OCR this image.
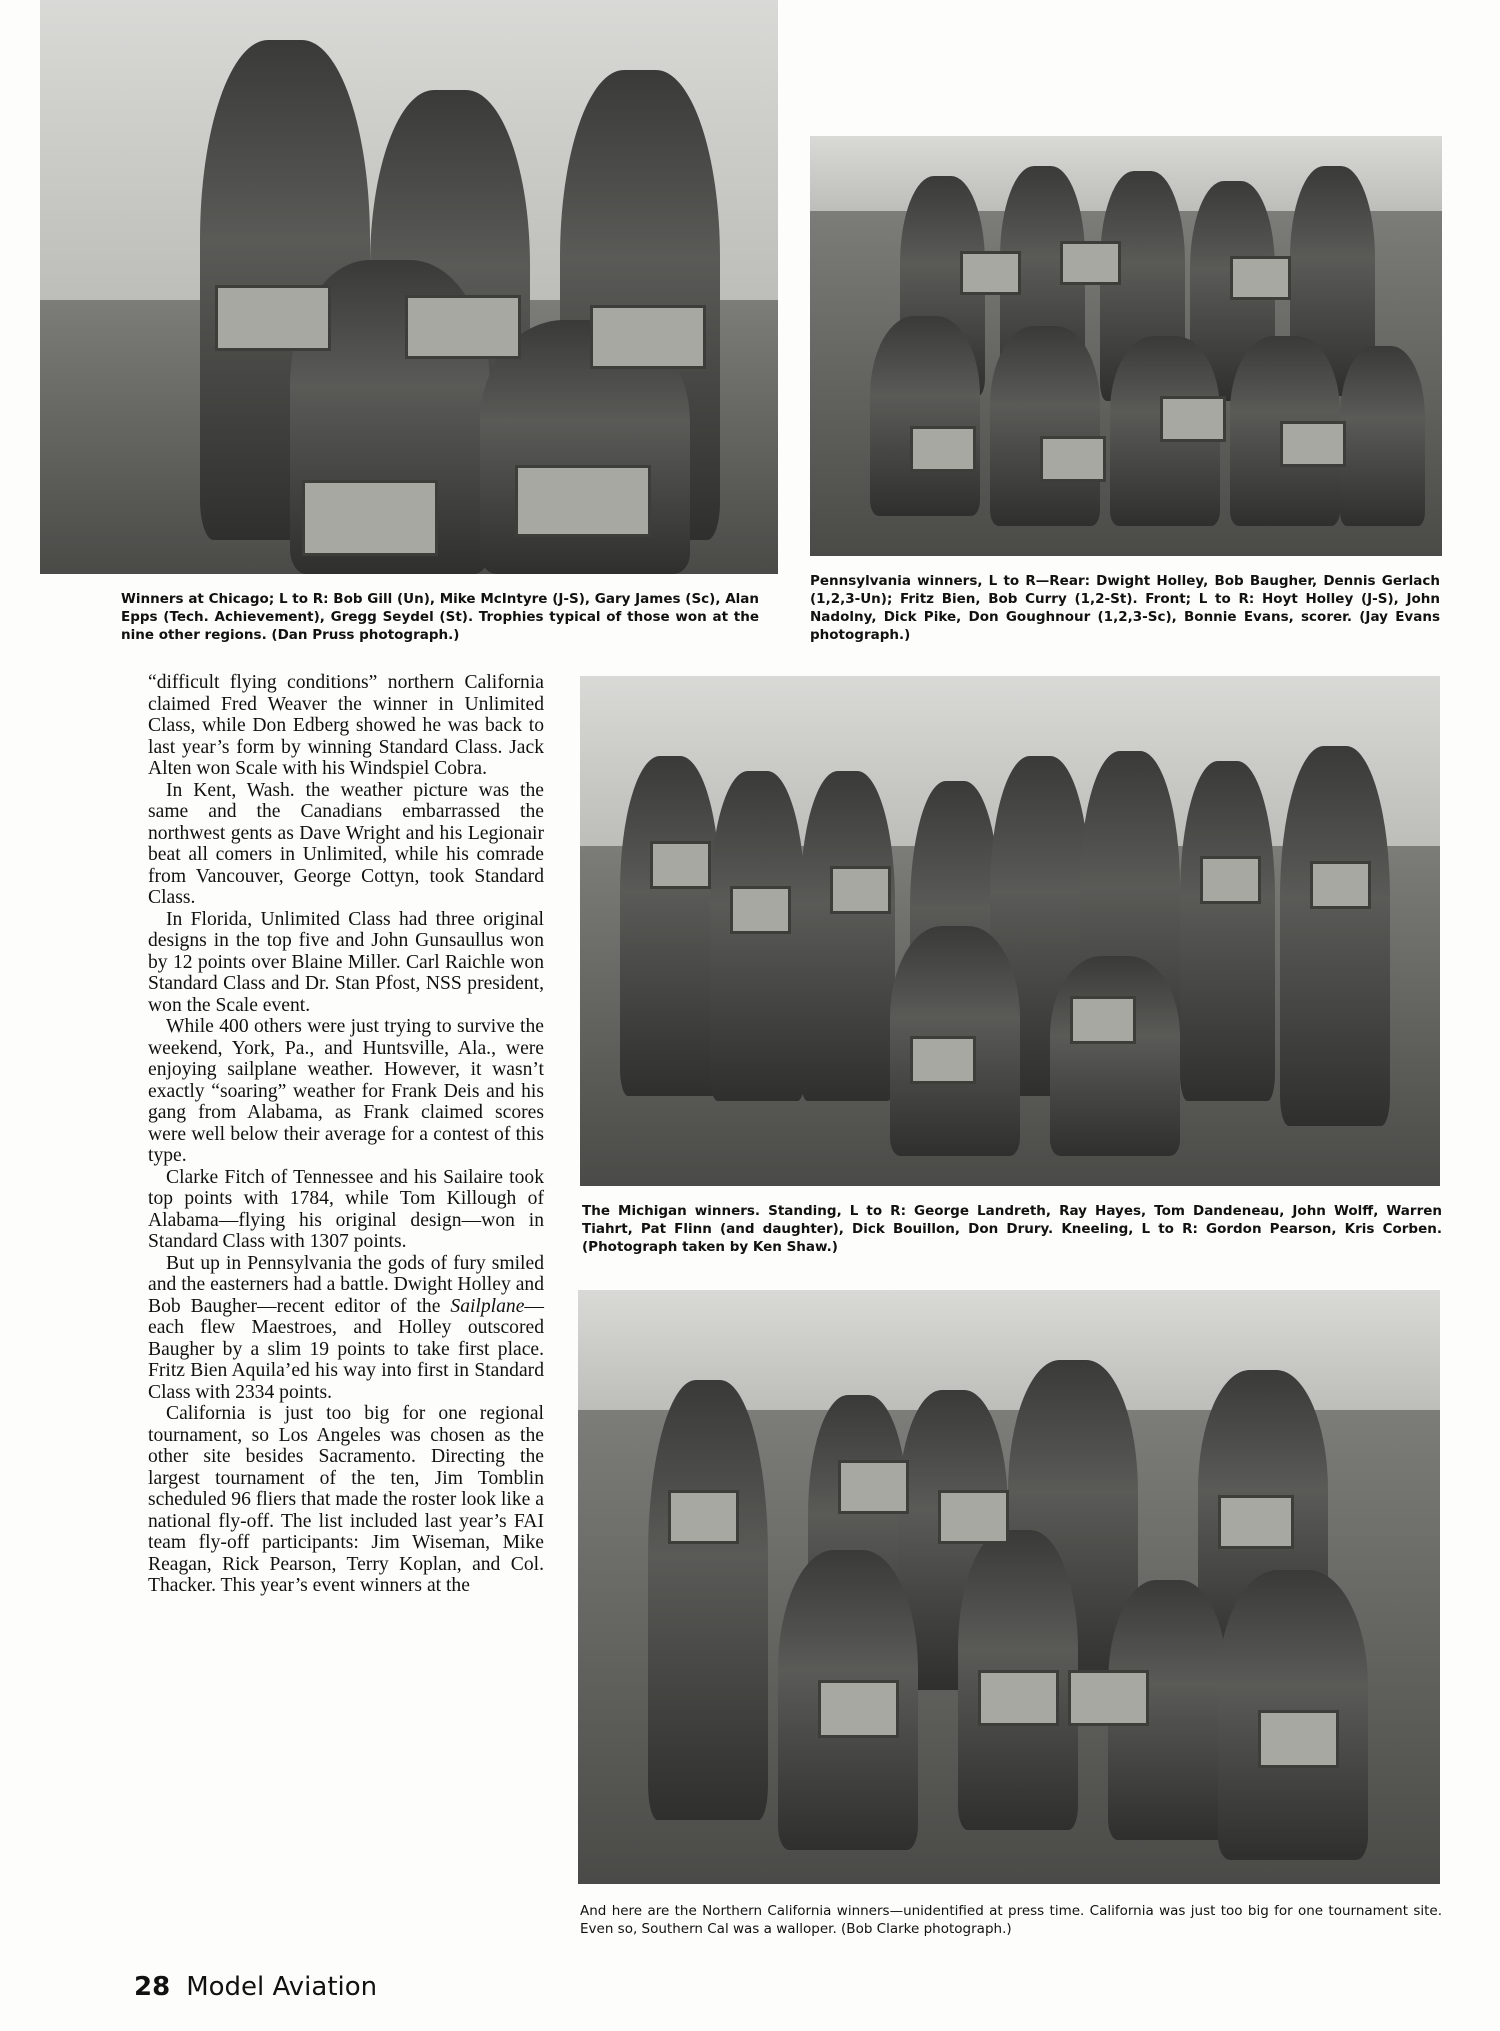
Winners at Chicago; L to R: Bob Gill (Un), Mike McIntyre (J-S), Gary James (Sc), Alan Epps (Tech. Achievement), Gregg Seydel (St). Trophies typical of those won at the nine other regions. (Dan Pruss photograph.)
Pennsylvania winners, L to R—Rear: Dwight Holley, Bob Baugher, Dennis Gerlach (1,2,3-Un); Fritz Bien, Bob Curry (1,2-St). Front; L to R: Hoyt Holley (J-S), John Nadolny, Dick Pike, Don Goughnour (1,2,3-Sc), Bonnie Evans, scorer. (Jay Evans photograph.)
The Michigan winners. Standing, L to R: George Landreth, Ray Hayes, Tom Dandeneau, John Wolff, Warren Tiahrt, Pat Flinn (and daughter), Dick Bouillon, Don Drury. Kneeling, L to R: Gordon Pearson, Kris Corben. (Photograph taken by Ken Shaw.)
And here are the Northern California winners—unidentified at press time. California was just too big for one tournament site. Even so, Southern Cal was a walloper. (Bob Clarke photograph.)

“difficult flying conditions” northern California claimed Fred Weaver the winner in Unlimited Class, while Don Edberg showed he was back to last year’s form by winning Standard Class. Jack Alten won Scale with his Windspiel Cobra.

In Kent, Wash. the weather picture was the same and the Canadians embarrassed the northwest gents as Dave Wright and his Legionair beat all comers in Unlimited, while his comrade from Vancouver, George Cottyn, took Standard Class.

In Florida, Unlimited Class had three original designs in the top five and John Gunsaullus won by 12 points over Blaine Miller. Carl Raichle won Standard Class and Dr. Stan Pfost, NSS president, won the Scale event.

While 400 others were just trying to survive the weekend, York, Pa., and Huntsville, Ala., were enjoying sailplane weather. However, it wasn’t exactly “soaring” weather for Frank Deis and his gang from Alabama, as Frank claimed scores were well below their average for a contest of this type.

Clarke Fitch of Tennessee and his Sailaire took top points with 1784, while Tom Killough of Alabama—flying his original design—won in Standard Class with 1307 points.

But up in Pennsylvania the gods of fury smiled and the easterners had a battle. Dwight Holley and Bob Baugher—recent editor of the Sailplane—each flew Maestroes, and Holley outscored Baugher by a slim 19 points to take first place. Fritz Bien Aquila’ed his way into first in Standard Class with 2334 points.

California is just too big for one regional tournament, so Los Angeles was chosen as the other site besides Sacramento. Directing the largest tournament of the ten, Jim Tomblin scheduled 96 fliers that made the roster look like a national fly-off. The list included last year’s FAI team fly-off participants: Jim Wiseman, Mike Reagan, Rick Pearson, Terry Koplan, and Col. Thacker. This year’s event winners at the

28 Model Aviation
